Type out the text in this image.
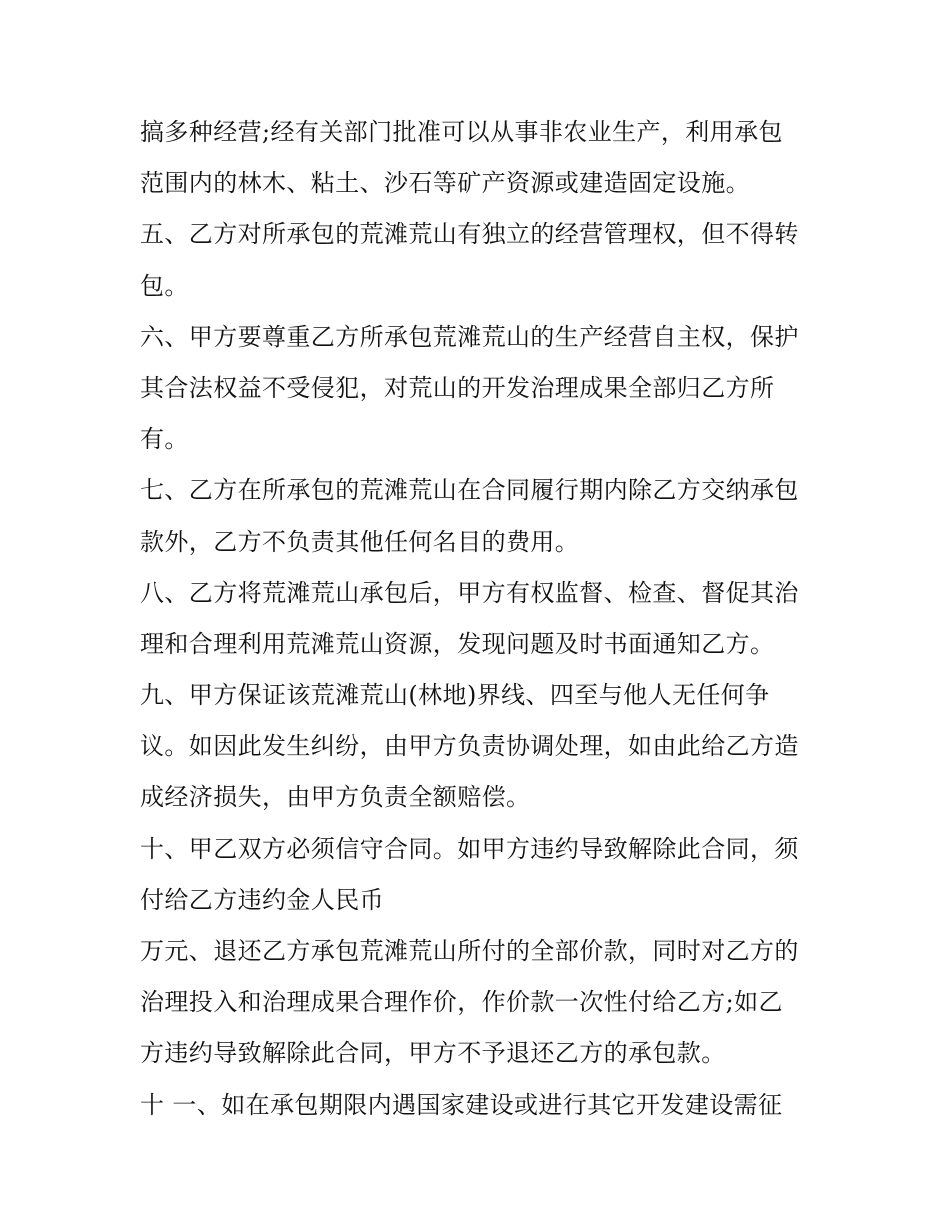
搞多种经营;经有关部门批准可以从事非农业生产，利用承包
范围内的林木、粘土、沙石等矿产资源或建造固定设施。
五、乙方对所承包的荒滩荒山有独立的经营管理权，但不得转
包。
六、甲方要尊重乙方所承包荒滩荒山的生产经营自主权，保护
其合法权益不受侵犯，对荒山的开发治理成果全部归乙方所
有。
七、乙方在所承包的荒滩荒山在合同履行期内除乙方交纳承包
款外，乙方不负责其他任何名目的费用。
八、乙方将荒滩荒山承包后，甲方有权监督、检查、督促其治
理和合理利用荒滩荒山资源，发现问题及时书面通知乙方。
九、甲方保证该荒滩荒山(林地)界线、四至与他人无任何争
议。如因此发生纠纷，由甲方负责协调处理，如由此给乙方造
成经济损失，由甲方负责全额赔偿。
十、甲乙双方必须信守合同。如甲方违约导致解除此合同，须
付给乙方违约金人民币
万元、退还乙方承包荒滩荒山所付的全部价款，同时对乙方的
治理投入和治理成果合理作价，作价款一次性付给乙方;如乙
方违约导致解除此合同，甲方不予退还乙方的承包款。
十 一、如在承包期限内遇国家建设或进行其它开发建设需征
